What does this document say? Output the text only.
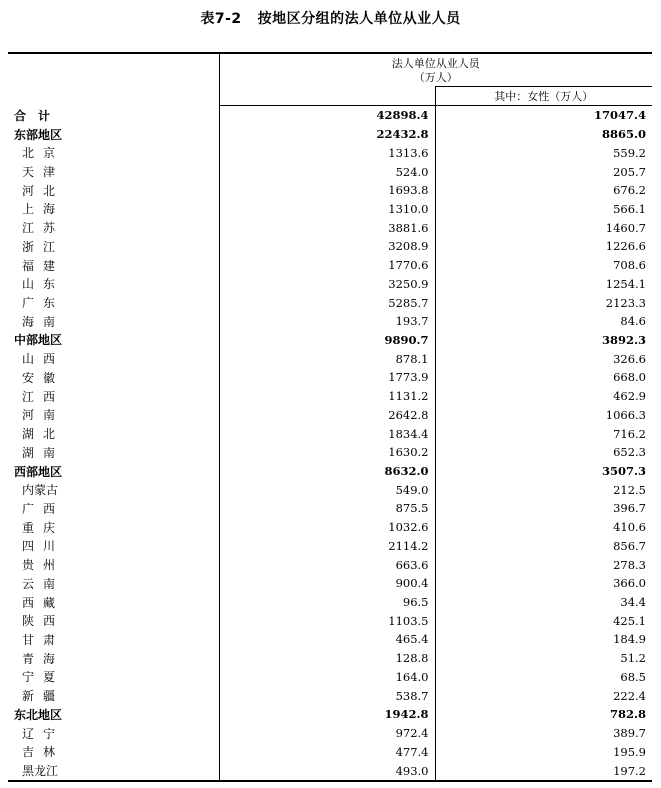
表7-2 按地区分组的法人单位从业人员

	法人单位从业人员
（万人）	

		其中：女性（万人）
合　计	42898.4	17047.4
东部地区	22432.8	8865.0
北京	1313.6	559.2
天津	524.0	205.7
河北	1693.8	676.2
上海	1310.0	566.1
江苏	3881.6	1460.7
浙江	3208.9	1226.6
福建	1770.6	708.6
山东	3250.9	1254.1
广东	5285.7	2123.3
海南	193.7	84.6
中部地区	9890.7	3892.3
山西	878.1	326.6
安徽	1773.9	668.0
江西	1131.2	462.9
河南	2642.8	1066.3
湖北	1834.4	716.2
湖南	1630.2	652.3
西部地区	8632.0	3507.3
内蒙古	549.0	212.5
广西	875.5	396.7
重庆	1032.6	410.6
四川	2114.2	856.7
贵州	663.6	278.3
云南	900.4	366.0
西藏	96.5	34.4
陕西	1103.5	425.1
甘肃	465.4	184.9
青海	128.8	51.2
宁夏	164.0	68.5
新疆	538.7	222.4
东北地区	1942.8	782.8
辽宁	972.4	389.7
吉林	477.4	195.9
黑龙江	493.0	197.2
